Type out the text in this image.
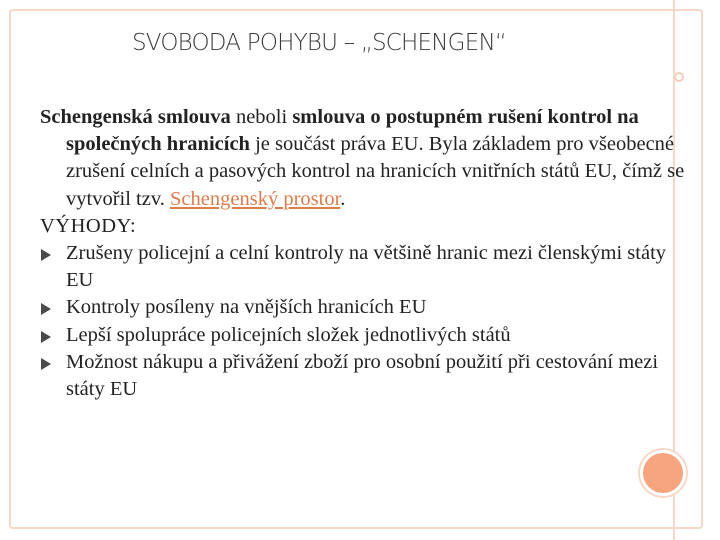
SVOBODA POHYBU – „SCHENGEN“

Schengenská smlouva neboli smlouva o postupném rušení kontrol na společných hranicích je součást práva EU. Byla základem pro všeobecné zrušení celních a pasových kontrol na hranicích vnitřních států EU, čímž se vytvořil tzv. Schengenský prostor.

VÝHODY:

Zrušeny policejní a celní kontroly na většině hranic mezi členskými státy EU
Kontroly posíleny na vnějších hranicích EU
Lepší spolupráce policejních složek jednotlivých států
Možnost nákupu a přivážení zboží pro osobní použití při cestování mezi státy EU
